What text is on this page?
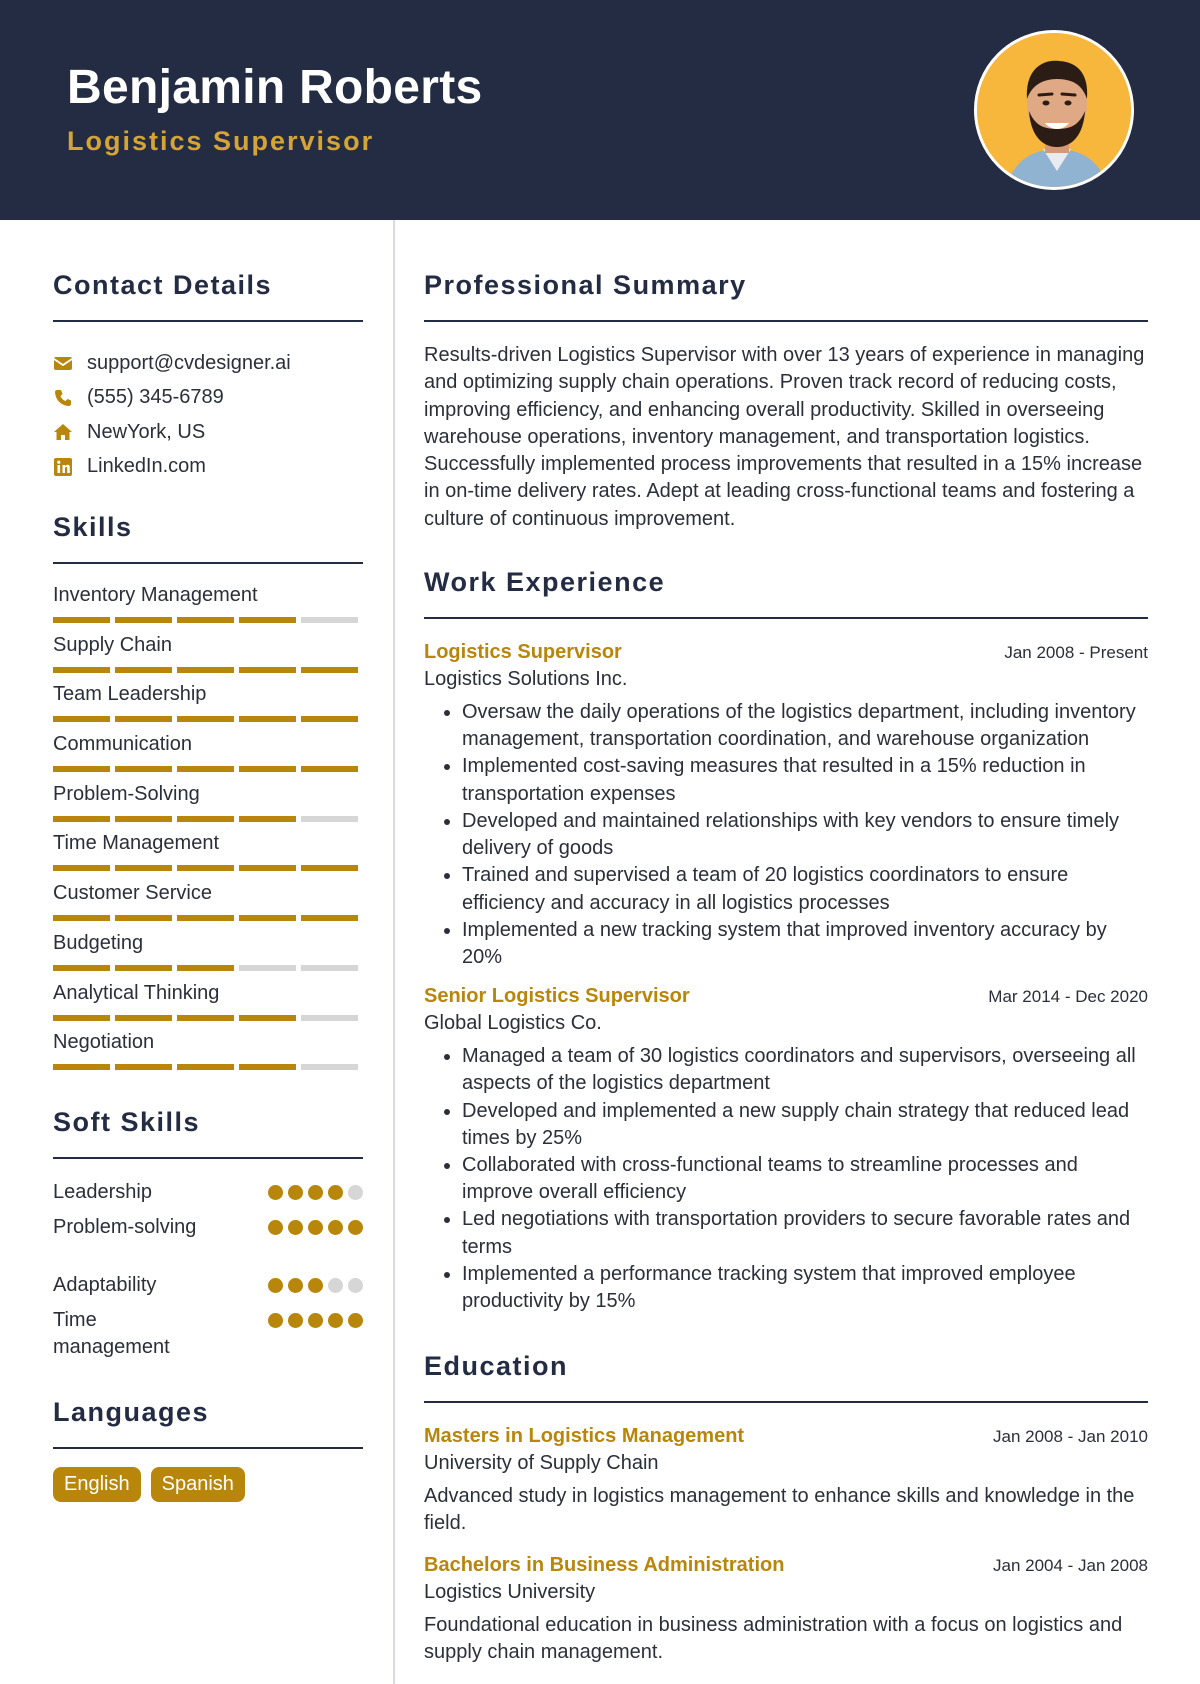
Benjamin Roberts
Logistics Supervisor
Contact Details
support@cvdesigner.ai
(555) 345-6789
NewYork, US
LinkedIn.com
Skills
Inventory Management
Supply Chain
Team Leadership
Communication
Problem-Solving
Time Management
Customer Service
Budgeting
Analytical Thinking
Negotiation
Soft Skills
Leadership
Problem-solving
Adaptability
Time management
Languages
English	Spanish
Professional Summary
Results-driven Logistics Supervisor with over 13 years of experience in managing and optimizing supply chain operations. Proven track record of reducing costs, improving efficiency, and enhancing overall productivity. Skilled in overseeing warehouse operations, inventory management, and transportation logistics. Successfully implemented process improvements that resulted in a 15% increase in on-time delivery rates. Adept at leading cross-functional teams and fostering a culture of continuous improvement.
Work Experience
Logistics Supervisor	Jan 2008 - Present
Logistics Solutions Inc.
• Oversaw the daily operations of the logistics department, including inventory management, transportation coordination, and warehouse organization
• Implemented cost-saving measures that resulted in a 15% reduction in transportation expenses
• Developed and maintained relationships with key vendors to ensure timely delivery of goods
• Trained and supervised a team of 20 logistics coordinators to ensure efficiency and accuracy in all logistics processes
• Implemented a new tracking system that improved inventory accuracy by 20%
Senior Logistics Supervisor	Mar 2014 - Dec 2020
Global Logistics Co.
• Managed a team of 30 logistics coordinators and supervisors, overseeing all aspects of the logistics department
• Developed and implemented a new supply chain strategy that reduced lead times by 25%
• Collaborated with cross-functional teams to streamline processes and improve overall efficiency
• Led negotiations with transportation providers to secure favorable rates and terms
• Implemented a performance tracking system that improved employee productivity by 15%
Education
Masters in Logistics Management	Jan 2008 - Jan 2010
University of Supply Chain
Advanced study in logistics management to enhance skills and knowledge in the field.
Bachelors in Business Administration	Jan 2004 - Jan 2008
Logistics University
Foundational education in business administration with a focus on logistics and supply chain management.
